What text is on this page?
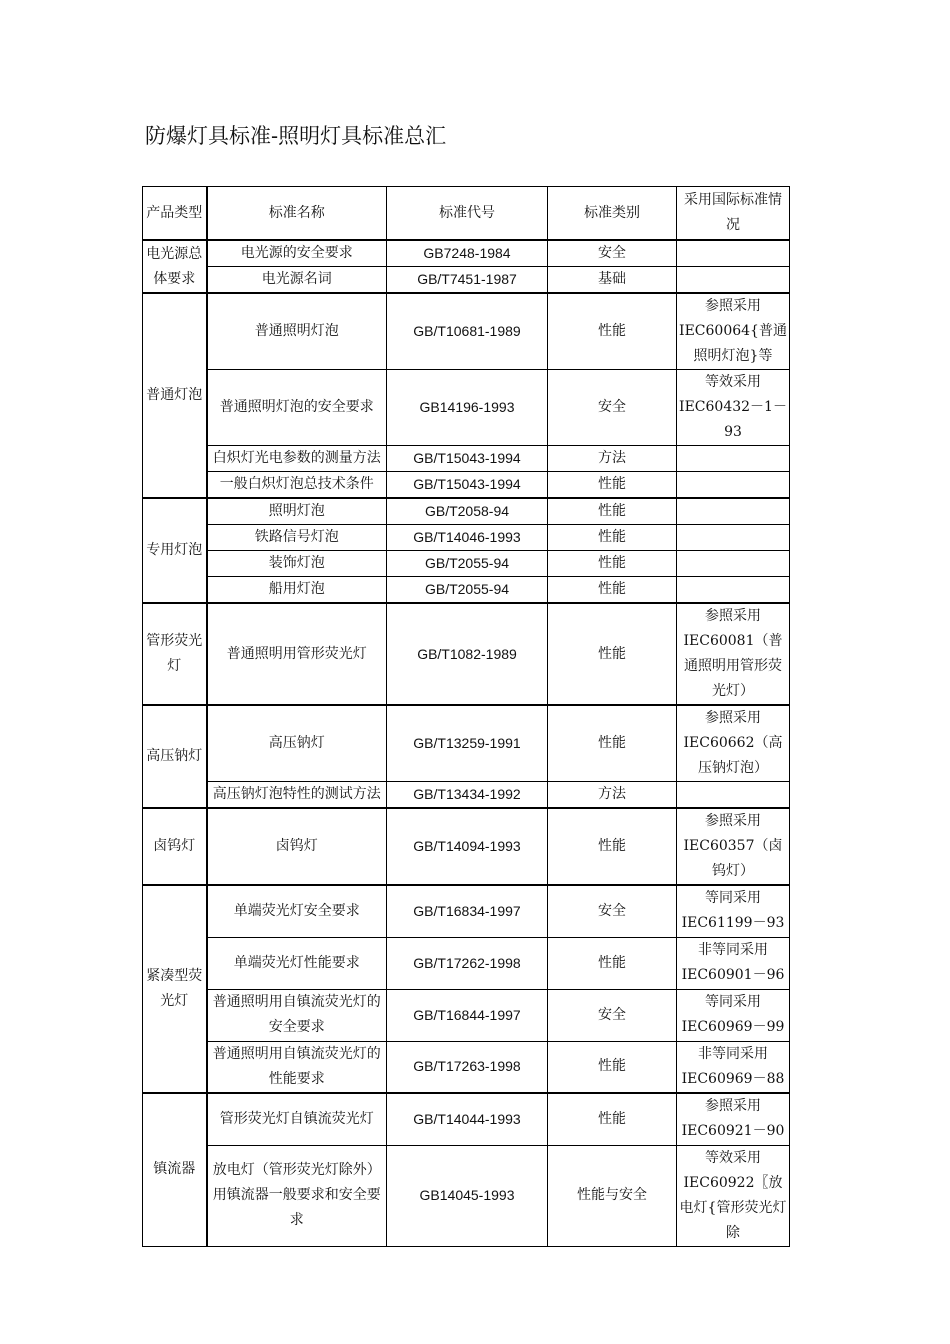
防爆灯具标准-照明灯具标准总汇
产品类型	标准名称	标准代号	标准类别	采用国际标准情况
电光源总体要求	电光源的安全要求	GB7248-1984	安全	
	电光源名词	GB/T7451-1987	基础	
普通灯泡	普通照明灯泡	GB/T10681-1989	性能	参照采用IEC60064{普通照明灯泡}等
	普通照明灯泡的安全要求	GB14196-1993	安全	等效采用IEC60432－1－93
	白炽灯光电参数的测量方法	GB/T15043-1994	方法	
	一般白炽灯泡总技术条件	GB/T15043-1994	性能	
专用灯泡	照明灯泡	GB/T2058-94	性能	
	铁路信号灯泡	GB/T14046-1993	性能	
	装饰灯泡	GB/T2055-94	性能	
	船用灯泡	GB/T2055-94	性能	
管形荧光灯	普通照明用管形荧光灯	GB/T1082-1989	性能	参照采用IEC60081（普通照明用管形荧光灯）
高压钠灯	高压钠灯	GB/T13259-1991	性能	参照采用IEC60662（高压钠灯泡）
	高压钠灯泡特性的测试方法	GB/T13434-1992	方法	
卤钨灯	卤钨灯	GB/T14094-1993	性能	参照采用IEC60357（卤钨灯）
紧凑型荧光灯	单端荧光灯安全要求	GB/T16834-1997	安全	等同采用IEC61199－93
	单端荧光灯性能要求	GB/T17262-1998	性能	非等同采用IEC60901－96
	普通照明用自镇流荧光灯的安全要求	GB/T16844-1997	安全	等同采用IEC60969－99
	普通照明用自镇流荧光灯的性能要求	GB/T17263-1998	性能	非等同采用IEC60969－88
镇流器	管形荧光灯自镇流荧光灯	GB/T14044-1993	性能	参照采用IEC60921－90
	放电灯（管形荧光灯除外）用镇流器一般要求和安全要求	GB14045-1993	性能与安全	等效采用IEC60922〖放电灯{管形荧光灯除
